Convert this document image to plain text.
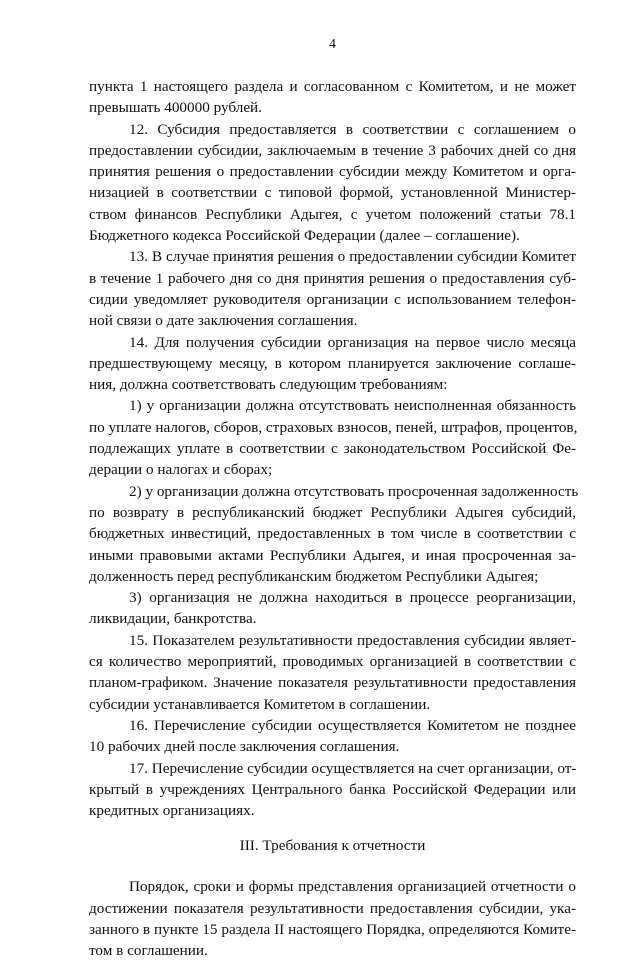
4

пункта 1 настоящего раздела и согласованном с Комитетом, и не может
превышать 400000 рублей.

12. Субсидия предоставляется в соответствии с соглашением о
предоставлении субсидии, заключаемым в течение 3 рабочих дней со дня
принятия решения о предоставлении субсидии между Комитетом и орга-
низацией в соответствии с типовой формой, установленной Министер-
ством финансов Республики Адыгея, с учетом положений статьи 78.1
Бюджетного кодекса Российской Федерации (далее – соглашение).

13. В случае принятия решения о предоставлении субсидии Комитет
в течение 1 рабочего дня со дня принятия решения о предоставления суб-
сидии уведомляет руководителя организации с использованием телефон-
ной связи о дате заключения соглашения.

14. Для получения субсидии организация на первое число месяца
предшествующему месяцу, в котором планируется заключение соглаше-
ния, должна соответствовать следующим требованиям:

1) у организации должна отсутствовать неисполненная обязанность
по уплате налогов, сборов, страховых взносов, пеней, штрафов, процентов,
подлежащих уплате в соответствии с законодательством Российской Фе-
дерации о налогах и сборах;

2) у организации должна отсутствовать просроченная задолженность
по возврату в республиканский бюджет Республики Адыгея субсидий,
бюджетных инвестиций, предоставленных в том числе в соответствии с
иными правовыми актами Республики Адыгея, и иная просроченная за-
долженность перед республиканским бюджетом Республики Адыгея;

3) организация не должна находиться в процессе реорганизации,
ликвидации, банкротства.

15. Показателем результативности предоставления субсидии являет-
ся количество мероприятий, проводимых организацией в соответствии с
планом-графиком. Значение показателя результативности предоставления
субсидии устанавливается Комитетом в соглашении.

16. Перечисление субсидии осуществляется Комитетом не позднее
10 рабочих дней после заключения соглашения.

17. Перечисление субсидии осуществляется на счет организации, от-
крытый в учреждениях Центрального банка Российской Федерации или
кредитных организациях.

III. Требования к отчетности

Порядок, сроки и формы представления организацией отчетности о
достижении показателя результативности предоставления субсидии, ука-
занного в пункте 15 раздела II настоящего Порядка, определяются Комите-
том в соглашении.
